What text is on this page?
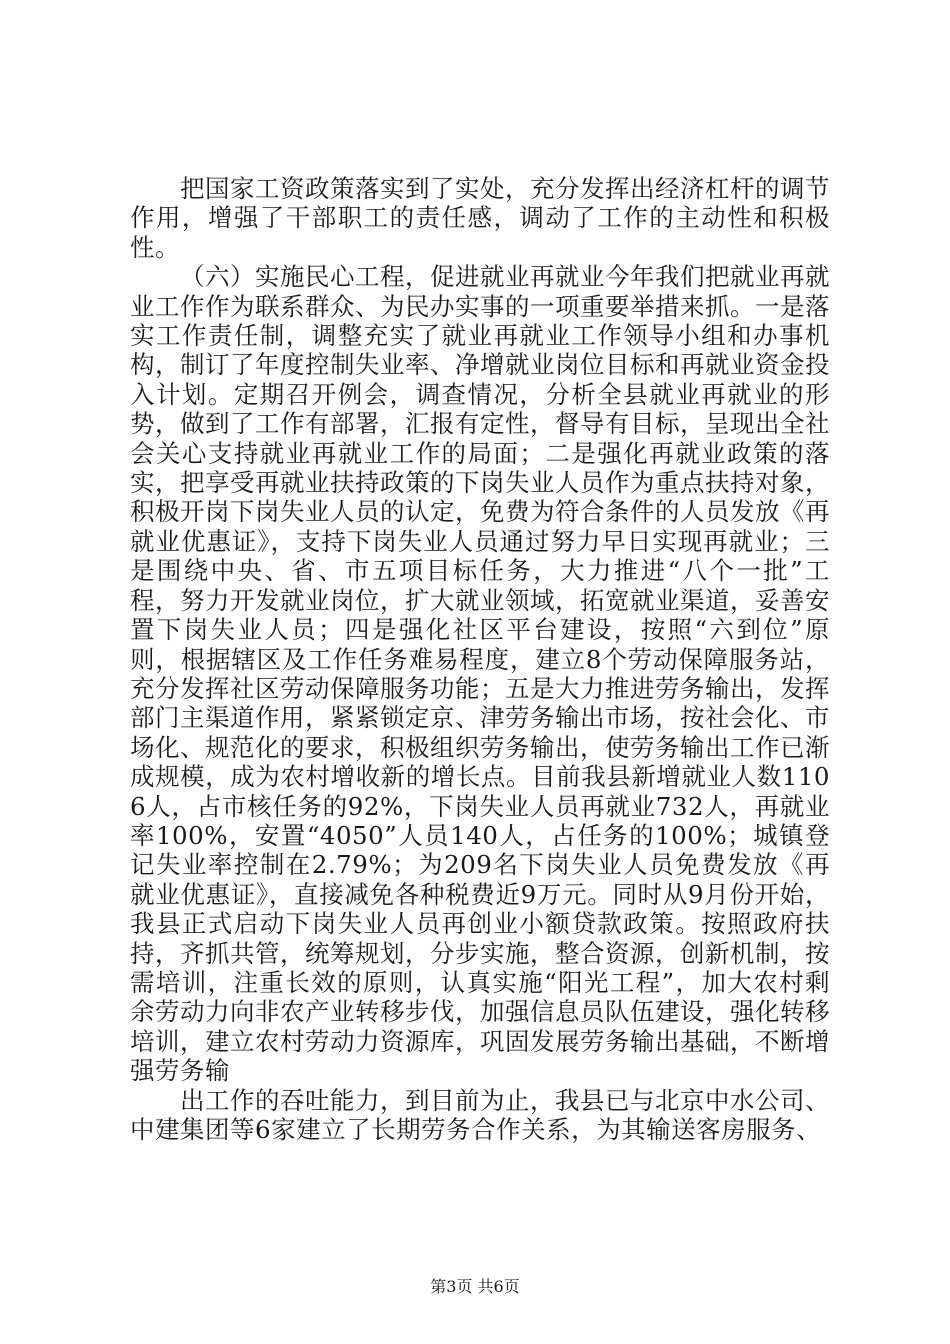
把国家工资政策落实到了实处，充分发挥出经济杠杆的调节作用，增强了干部职工的责任感，调动了工作的主动性和积极性。

（六）实施民心工程，促进就业再就业今年我们把就业再就业工作作为联系群众、为民办实事的一项重要举措来抓。一是落实工作责任制，调整充实了就业再就业工作领导小组和办事机构，制订了年度控制失业率、净增就业岗位目标和再就业资金投入计划。定期召开例会，调查情况，分析全县就业再就业的形势，做到了工作有部署，汇报有定性，督导有目标，呈现出全社会关心支持就业再就业工作的局面；二是强化再就业政策的落实，把享受再就业扶持政策的下岗失业人员作为重点扶持对象，积极开岗下岗失业人员的认定，免费为符合条件的人员发放《再就业优惠证》，支持下岗失业人员通过努力早日实现再就业；三是围绕中央、省、市五项目标任务，大力推进“八个一批”工程，努力开发就业岗位，扩大就业领域，拓宽就业渠道，妥善安置下岗失业人员；四是强化社区平台建设，按照“六到位”原则，根据辖区及工作任务难易程度，建立8个劳动保障服务站，充分发挥社区劳动保障服务功能；五是大力推进劳务输出，发挥部门主渠道作用，紧紧锁定京、津劳务输出市场，按社会化、市场化、规范化的要求，积极组织劳务输出，使劳务输出工作已渐成规模，成为农村增收新的增长点。目前我县新增就业人数1106人，占市核任务的92%，下岗失业人员再就业732人，再就业率100%，安置“4050”人员140人，占任务的100%；城镇登记失业率控制在2.79%；为209名下岗失业人员免费发放《再就业优惠证》，直接减免各种税费近9万元。同时从9月份开始，我县正式启动下岗失业人员再创业小额贷款政策。按照政府扶持，齐抓共管，统筹规划，分步实施，整合资源，创新机制，按需培训，注重长效的原则，认真实施“阳光工程”，加大农村剩余劳动力向非农产业转移步伐，加强信息员队伍建设，强化转移培训，建立农村劳动力资源库，巩固发展劳务输出基础，不断增强劳务输

出工作的吞吐能力，到目前为止，我县已与北京中水公司、中建集团等6家建立了长期劳务合作关系，为其输送客房服务、

第3页 共6页
